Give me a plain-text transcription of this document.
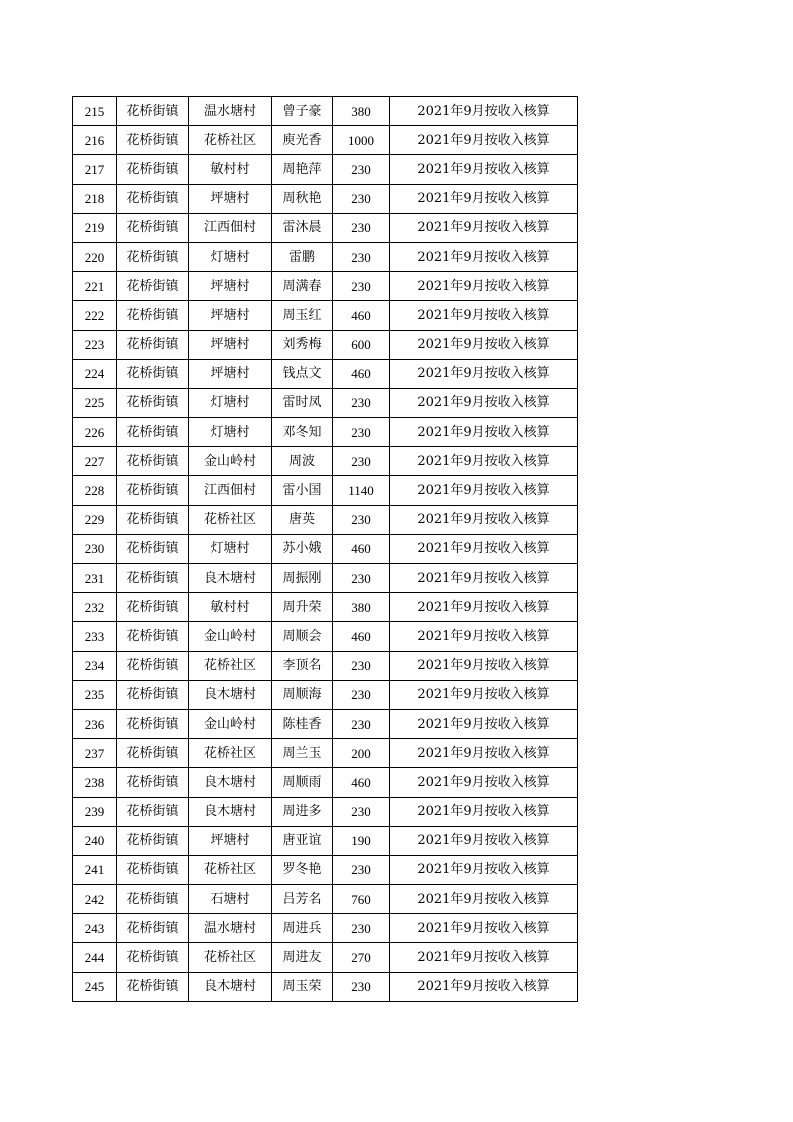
215	花桥街镇	温水塘村	曾子豪	380	2021年9月按收入核算
216	花桥街镇	花桥社区	庾光香	1000	2021年9月按收入核算
217	花桥街镇	敏村村	周艳萍	230	2021年9月按收入核算
218	花桥街镇	坪塘村	周秋艳	230	2021年9月按收入核算
219	花桥街镇	江西佃村	雷沐晨	230	2021年9月按收入核算
220	花桥街镇	灯塘村	雷鹏	230	2021年9月按收入核算
221	花桥街镇	坪塘村	周满春	230	2021年9月按收入核算
222	花桥街镇	坪塘村	周玉红	460	2021年9月按收入核算
223	花桥街镇	坪塘村	刘秀梅	600	2021年9月按收入核算
224	花桥街镇	坪塘村	钱点文	460	2021年9月按收入核算
225	花桥街镇	灯塘村	雷时凤	230	2021年9月按收入核算
226	花桥街镇	灯塘村	邓冬知	230	2021年9月按收入核算
227	花桥街镇	金山岭村	周波	230	2021年9月按收入核算
228	花桥街镇	江西佃村	雷小国	1140	2021年9月按收入核算
229	花桥街镇	花桥社区	唐英	230	2021年9月按收入核算
230	花桥街镇	灯塘村	苏小娥	460	2021年9月按收入核算
231	花桥街镇	良木塘村	周振刚	230	2021年9月按收入核算
232	花桥街镇	敏村村	周升荣	380	2021年9月按收入核算
233	花桥街镇	金山岭村	周顺会	460	2021年9月按收入核算
234	花桥街镇	花桥社区	李顶名	230	2021年9月按收入核算
235	花桥街镇	良木塘村	周顺海	230	2021年9月按收入核算
236	花桥街镇	金山岭村	陈桂香	230	2021年9月按收入核算
237	花桥街镇	花桥社区	周兰玉	200	2021年9月按收入核算
238	花桥街镇	良木塘村	周顺雨	460	2021年9月按收入核算
239	花桥街镇	良木塘村	周进多	230	2021年9月按收入核算
240	花桥街镇	坪塘村	唐亚谊	190	2021年9月按收入核算
241	花桥街镇	花桥社区	罗冬艳	230	2021年9月按收入核算
242	花桥街镇	石塘村	吕芳名	760	2021年9月按收入核算
243	花桥街镇	温水塘村	周进兵	230	2021年9月按收入核算
244	花桥街镇	花桥社区	周进友	270	2021年9月按收入核算
245	花桥街镇	良木塘村	周玉荣	230	2021年9月按收入核算
